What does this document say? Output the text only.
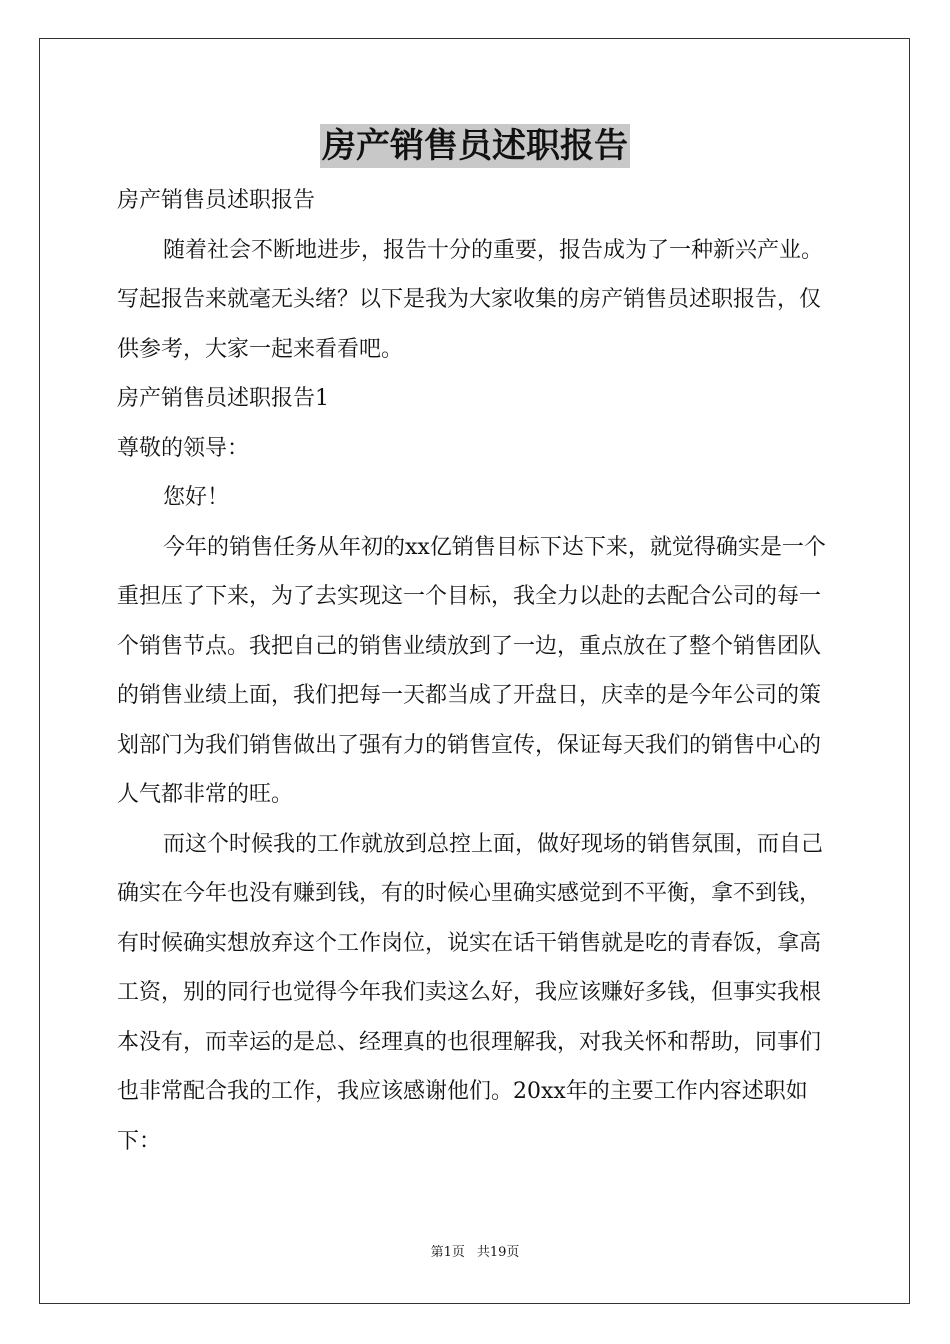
房产销售员述职报告

房产销售员述职报告

随着社会不断地进步，报告十分的重要，报告成为了一种新兴产业。写起报告来就毫无头绪？以下是我为大家收集的房产销售员述职报告，仅供参考，大家一起来看看吧。

房产销售员述职报告1

尊敬的领导：

您好！

今年的销售任务从年初的xx亿销售目标下达下来，就觉得确实是一个重担压了下来，为了去实现这一个目标，我全力以赴的去配合公司的每一个销售节点。我把自己的销售业绩放到了一边，重点放在了整个销售团队的销售业绩上面，我们把每一天都当成了开盘日，庆幸的是今年公司的策划部门为我们销售做出了强有力的销售宣传，保证每天我们的销售中心的人气都非常的旺。

而这个时候我的工作就放到总控上面，做好现场的销售氛围，而自己确实在今年也没有赚到钱，有的时候心里确实感觉到不平衡，拿不到钱，有时候确实想放弃这个工作岗位，说实在话干销售就是吃的青春饭，拿高工资，别的同行也觉得今年我们卖这么好，我应该赚好多钱，但事实我根本没有，而幸运的是总、经理真的也很理解我，对我关怀和帮助，同事们也非常配合我的工作，我应该感谢他们。20xx年的主要工作内容述职如下：

第1页 共19页
